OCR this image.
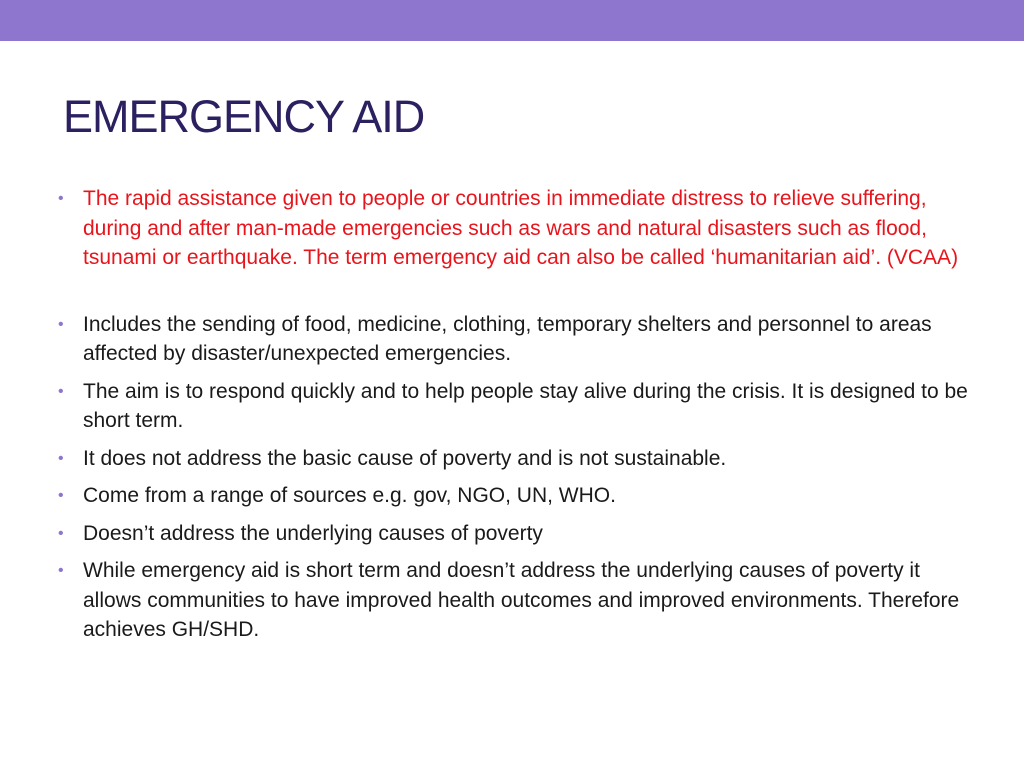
EMERGENCY AID
• The rapid assistance given to people or countries in immediate distress to relieve suffering, during and after man-made emergencies such as wars and natural disasters such as flood, tsunami or earthquake. The term emergency aid can also be called ‘humanitarian aid’. (VCAA)
• Includes the sending of food, medicine, clothing, temporary shelters and personnel to areas affected by disaster/unexpected emergencies.
• The aim is to respond quickly and to help people stay alive during the crisis. It is designed to be short term.
• It does not address the basic cause of poverty and is not sustainable.
• Come from a range of sources e.g. gov, NGO, UN, WHO.
• Doesn’t address the underlying causes of poverty
• While emergency aid is short term and doesn’t address the underlying causes of poverty it allows communities to have improved health outcomes and improved environments. Therefore achieves GH/SHD.
